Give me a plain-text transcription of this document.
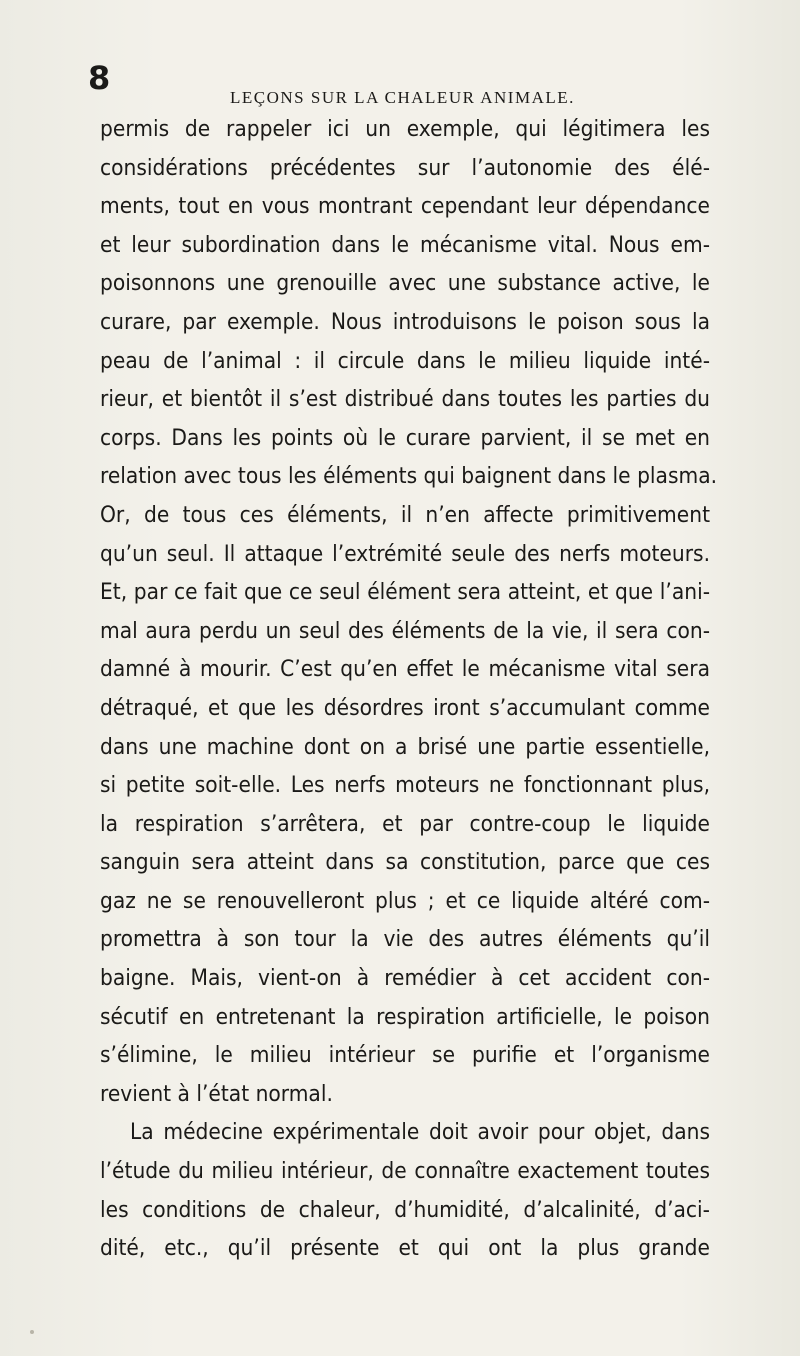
8
LEÇONS SUR LA CHALEUR ANIMALE.
permis de rappeler ici un exemple, qui légitimera les
considérations précédentes sur l’autonomie des élé-
ments, tout en vous montrant cependant leur dépendance
et leur subordination dans le mécanisme vital. Nous em-
poisonnons une grenouille avec une substance active, le
curare, par exemple. Nous introduisons le poison sous la
peau de l’animal : il circule dans le milieu liquide inté-
rieur, et bientôt il s’est distribué dans toutes les parties du
corps. Dans les points où le curare parvient, il se met en
relation avec tous les éléments qui baignent dans le plasma.
Or, de tous ces éléments, il n’en affecte primitivement
qu’un seul. Il attaque l’extrémité seule des nerfs moteurs.
Et, par ce fait que ce seul élément sera atteint, et que l’ani-
mal aura perdu un seul des éléments de la vie, il sera con-
damné à mourir. C’est qu’en effet le mécanisme vital sera
détraqué, et que les désordres iront s’accumulant comme
dans une machine dont on a brisé une partie essentielle,
si petite soit-elle. Les nerfs moteurs ne fonctionnant plus,
la respiration s’arrêtera, et par contre-coup le liquide
sanguin sera atteint dans sa constitution, parce que ces
gaz ne se renouvelleront plus ; et ce liquide altéré com-
promettra à son tour la vie des autres éléments qu’il
baigne. Mais, vient-on à remédier à cet accident con-
sécutif en entretenant la respiration artificielle, le poison
s’élimine, le milieu intérieur se purifie et l’organisme
revient à l’état normal.
La médecine expérimentale doit avoir pour objet, dans
l’étude du milieu intérieur, de connaître exactement toutes
les conditions de chaleur, d’humidité, d’alcalinité, d’aci-
dité, etc., qu’il présente et qui ont la plus grande
